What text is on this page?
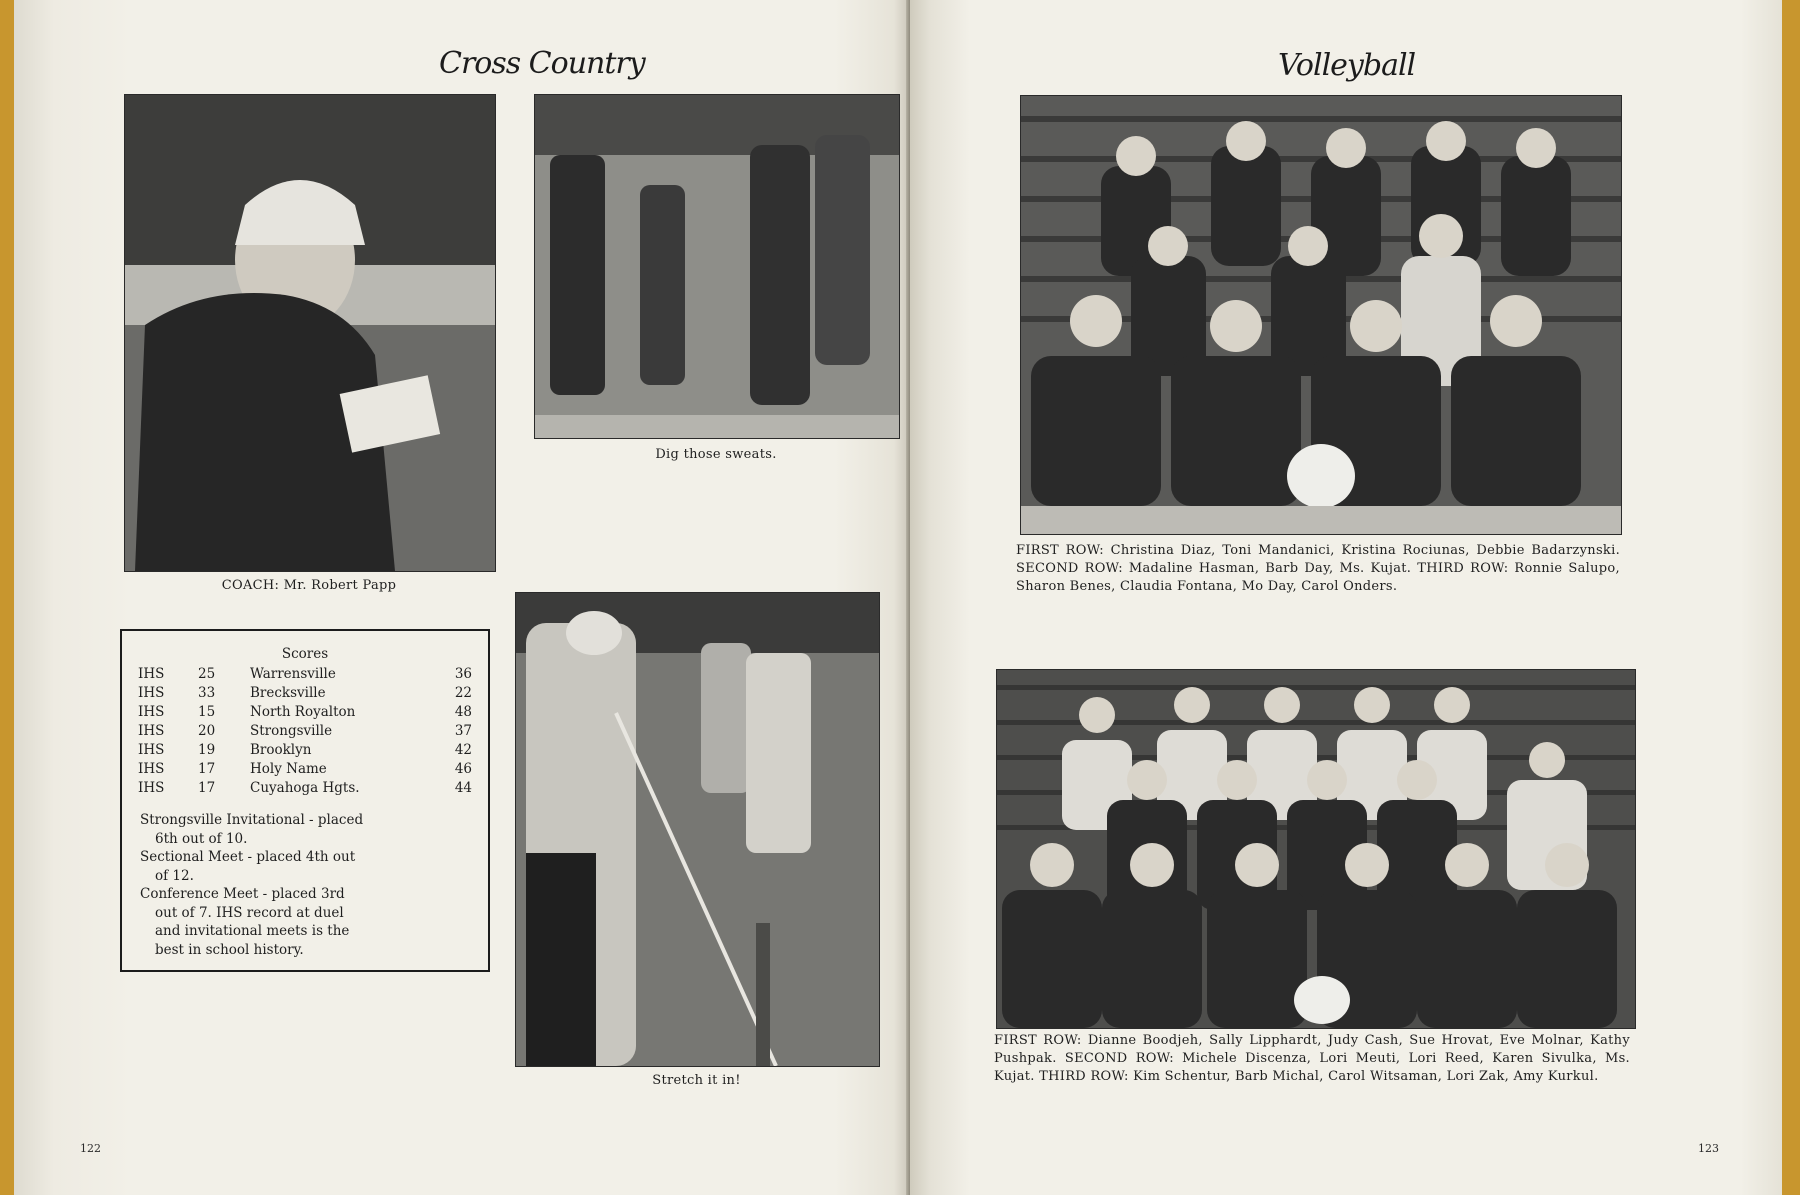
Cross Country
COACH: Mr. Robert Papp
Dig those sweats.
Scores
IHS 25	Warrensville	36
IHS 33	Brecksville	22
IHS 15	North Royalton	48
IHS 20	Strongsville	37
IHS 19	Brooklyn	42
IHS 17	Holy Name	46
IHS 17	Cuyahoga Hgts.	44

Strongsville Invitational - placed 6th out of 10.

Sectional Meet - placed 4th out of 12.

Conference Meet - placed 3rd out of 7. IHS record at duel and invitational meets is the best in school history.

Stretch it in!
122
Volleyball
FIRST ROW: Christina Diaz, Toni Mandanici, Kristina Rociunas, Debbie Badarzynski. SECOND ROW: Madaline Hasman, Barb Day, Ms. Kujat. THIRD ROW: Ronnie Salupo, Sharon Benes, Claudia Fontana, Mo Day, Carol Onders.
FIRST ROW: Dianne Boodjeh, Sally Lipphardt, Judy Cash, Sue Hrovat, Eve Molnar, Kathy Pushpak. SECOND ROW: Michele Discenza, Lori Meuti, Lori Reed, Karen Sivulka, Ms. Kujat. THIRD ROW: Kim Schentur, Barb Michal, Carol Witsaman, Lori Zak, Amy Kurkul.
123
